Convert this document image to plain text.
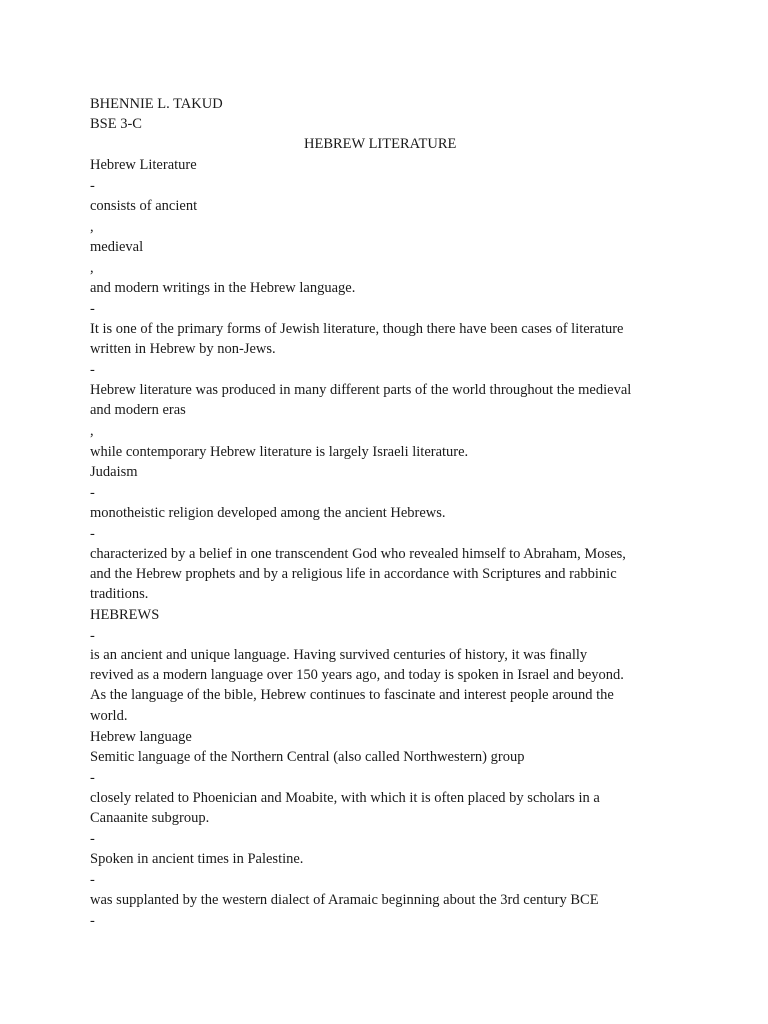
BHENNIE L. TAKUD
BSE 3-C
HEBREW LITERATURE
Hebrew Literature
-
consists of ancient
,
medieval
,
and modern writings in the Hebrew language.
-
It is one of the primary forms of Jewish literature, though there have been cases of literature
written in Hebrew by non-Jews.
-
Hebrew literature was produced in many different parts of the world throughout the medieval
and modern eras
,
while contemporary Hebrew literature is largely Israeli literature.
Judaism
-
monotheistic religion developed among the ancient Hebrews.
-
characterized by a belief in one transcendent God who revealed himself to Abraham, Moses,
and the Hebrew prophets and by a religious life in accordance with Scriptures and rabbinic
traditions.
HEBREWS
-
is an ancient and unique language. Having survived centuries of history, it was finally
revived as a modern language over 150 years ago, and today is spoken in Israel and beyond.
As the language of the bible, Hebrew continues to fascinate and interest people around the
world.
Hebrew language
Semitic language of the Northern Central (also called Northwestern) group
-
closely related to Phoenician and Moabite, with which it is often placed by scholars in a
Canaanite subgroup.
-
Spoken in ancient times in Palestine.
-
was supplanted by the western dialect of Aramaic beginning about the 3rd century BCE
-
